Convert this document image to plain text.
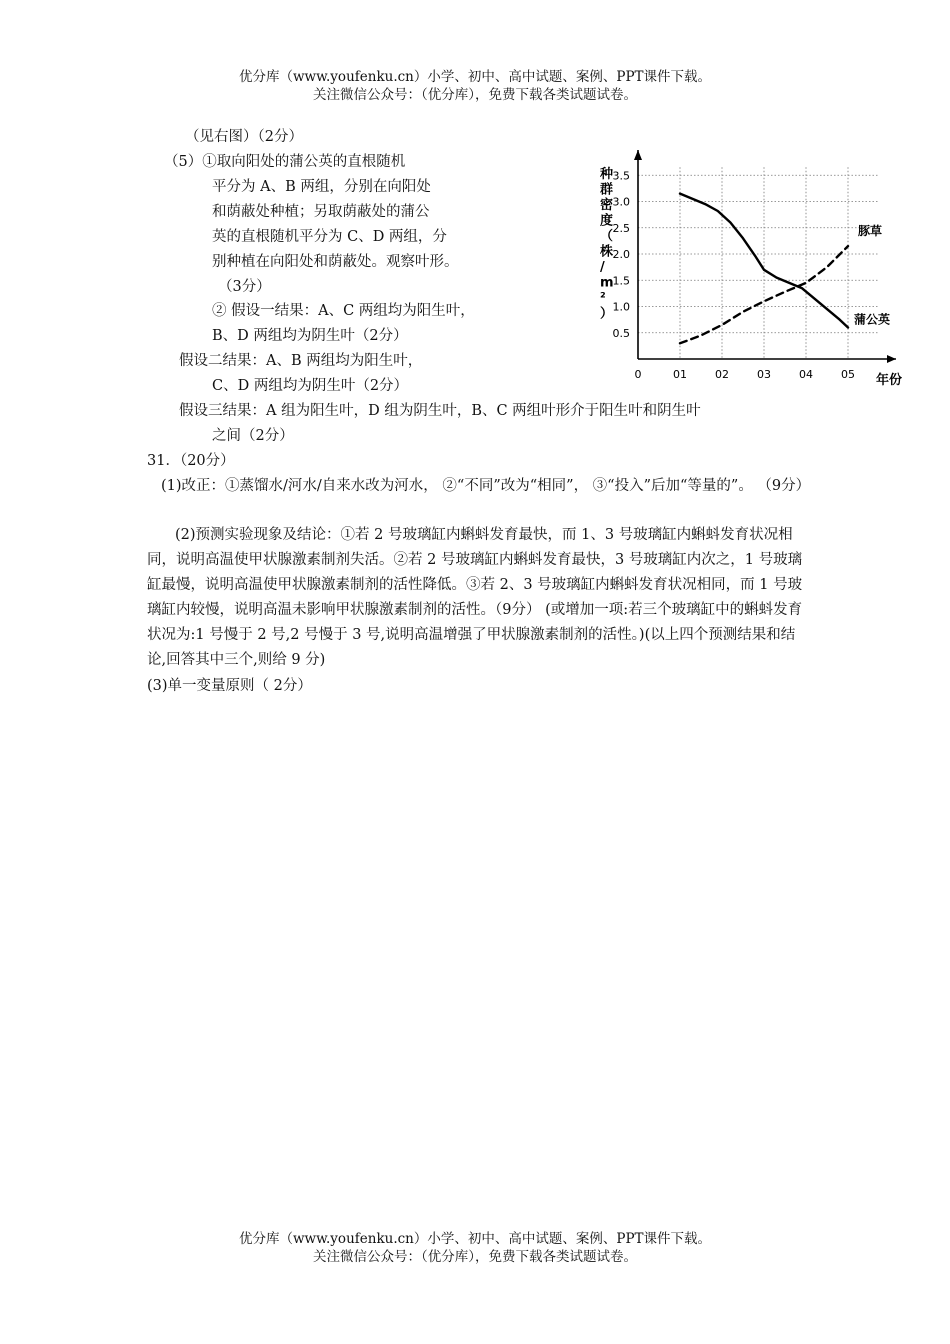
优分库（www.youfenku.cn）小学、初中、高中试题、案例、PPT课件下载。
关注微信公众号：（优分库），免费下载各类试题试卷。
（见右图）（2分）
（5）①取向阳处的蒲公英的直根随机
平分为 A、B 两组，分别在向阳处
和荫蔽处种植；另取荫蔽处的蒲公
英的直根随机平分为 C、D 两组，分
别种植在向阳处和荫蔽处。观察叶形。
（3分）
② 假设一结果：A、C 两组均为阳生叶，
B、D 两组均为阴生叶（2分）
假设二结果：A、B 两组均为阳生叶，
C、D 两组均为阴生叶（2分）
假设三结果：A 组为阳生叶，D 组为阴生叶，B、C 两组叶形介于阳生叶和阴生叶
之间（2分）
0.5
1.0
1.5
2.0
2.5
3.0
3.5
0	01	02	03	04	05
种群密度（株/ m ² ）
年份
蒲公英
豚草
31．（20分）
(1)改正：①蒸馏水/河水/自来水改为河水， ②“不同”改为“相同”， ③“投入”后加“等量的”。 （9分）
(2)预测实验现象及结论：①若 2 号玻璃缸内蝌蚪发育最快，而 1、3 号玻璃缸内蝌蚪发育状况相同，说明高温使甲状腺激素制剂失活。②若 2 号玻璃缸内蝌蚪发育最快，3 号玻璃缸内次之，1 号玻璃缸最慢，说明高温使甲状腺激素制剂的活性降低。③若 2、3 号玻璃缸内蝌蚪发育状况相同，而 1 号玻璃缸内较慢，说明高温未影响甲状腺激素制剂的活性。（9分） (或增加一项:若三个玻璃缸中的蝌蚪发育状况为:1 号慢于 2 号,2 号慢于 3 号,说明高温增强了甲状腺激素制剂的活性。)(以上四个预测结果和结论,回答其中三个,则给 9 分)
(3)单一变量原则（ 2分）
优分库（www.youfenku.cn）小学、初中、高中试题、案例、PPT课件下载。
关注微信公众号：（优分库），免费下载各类试题试卷。
